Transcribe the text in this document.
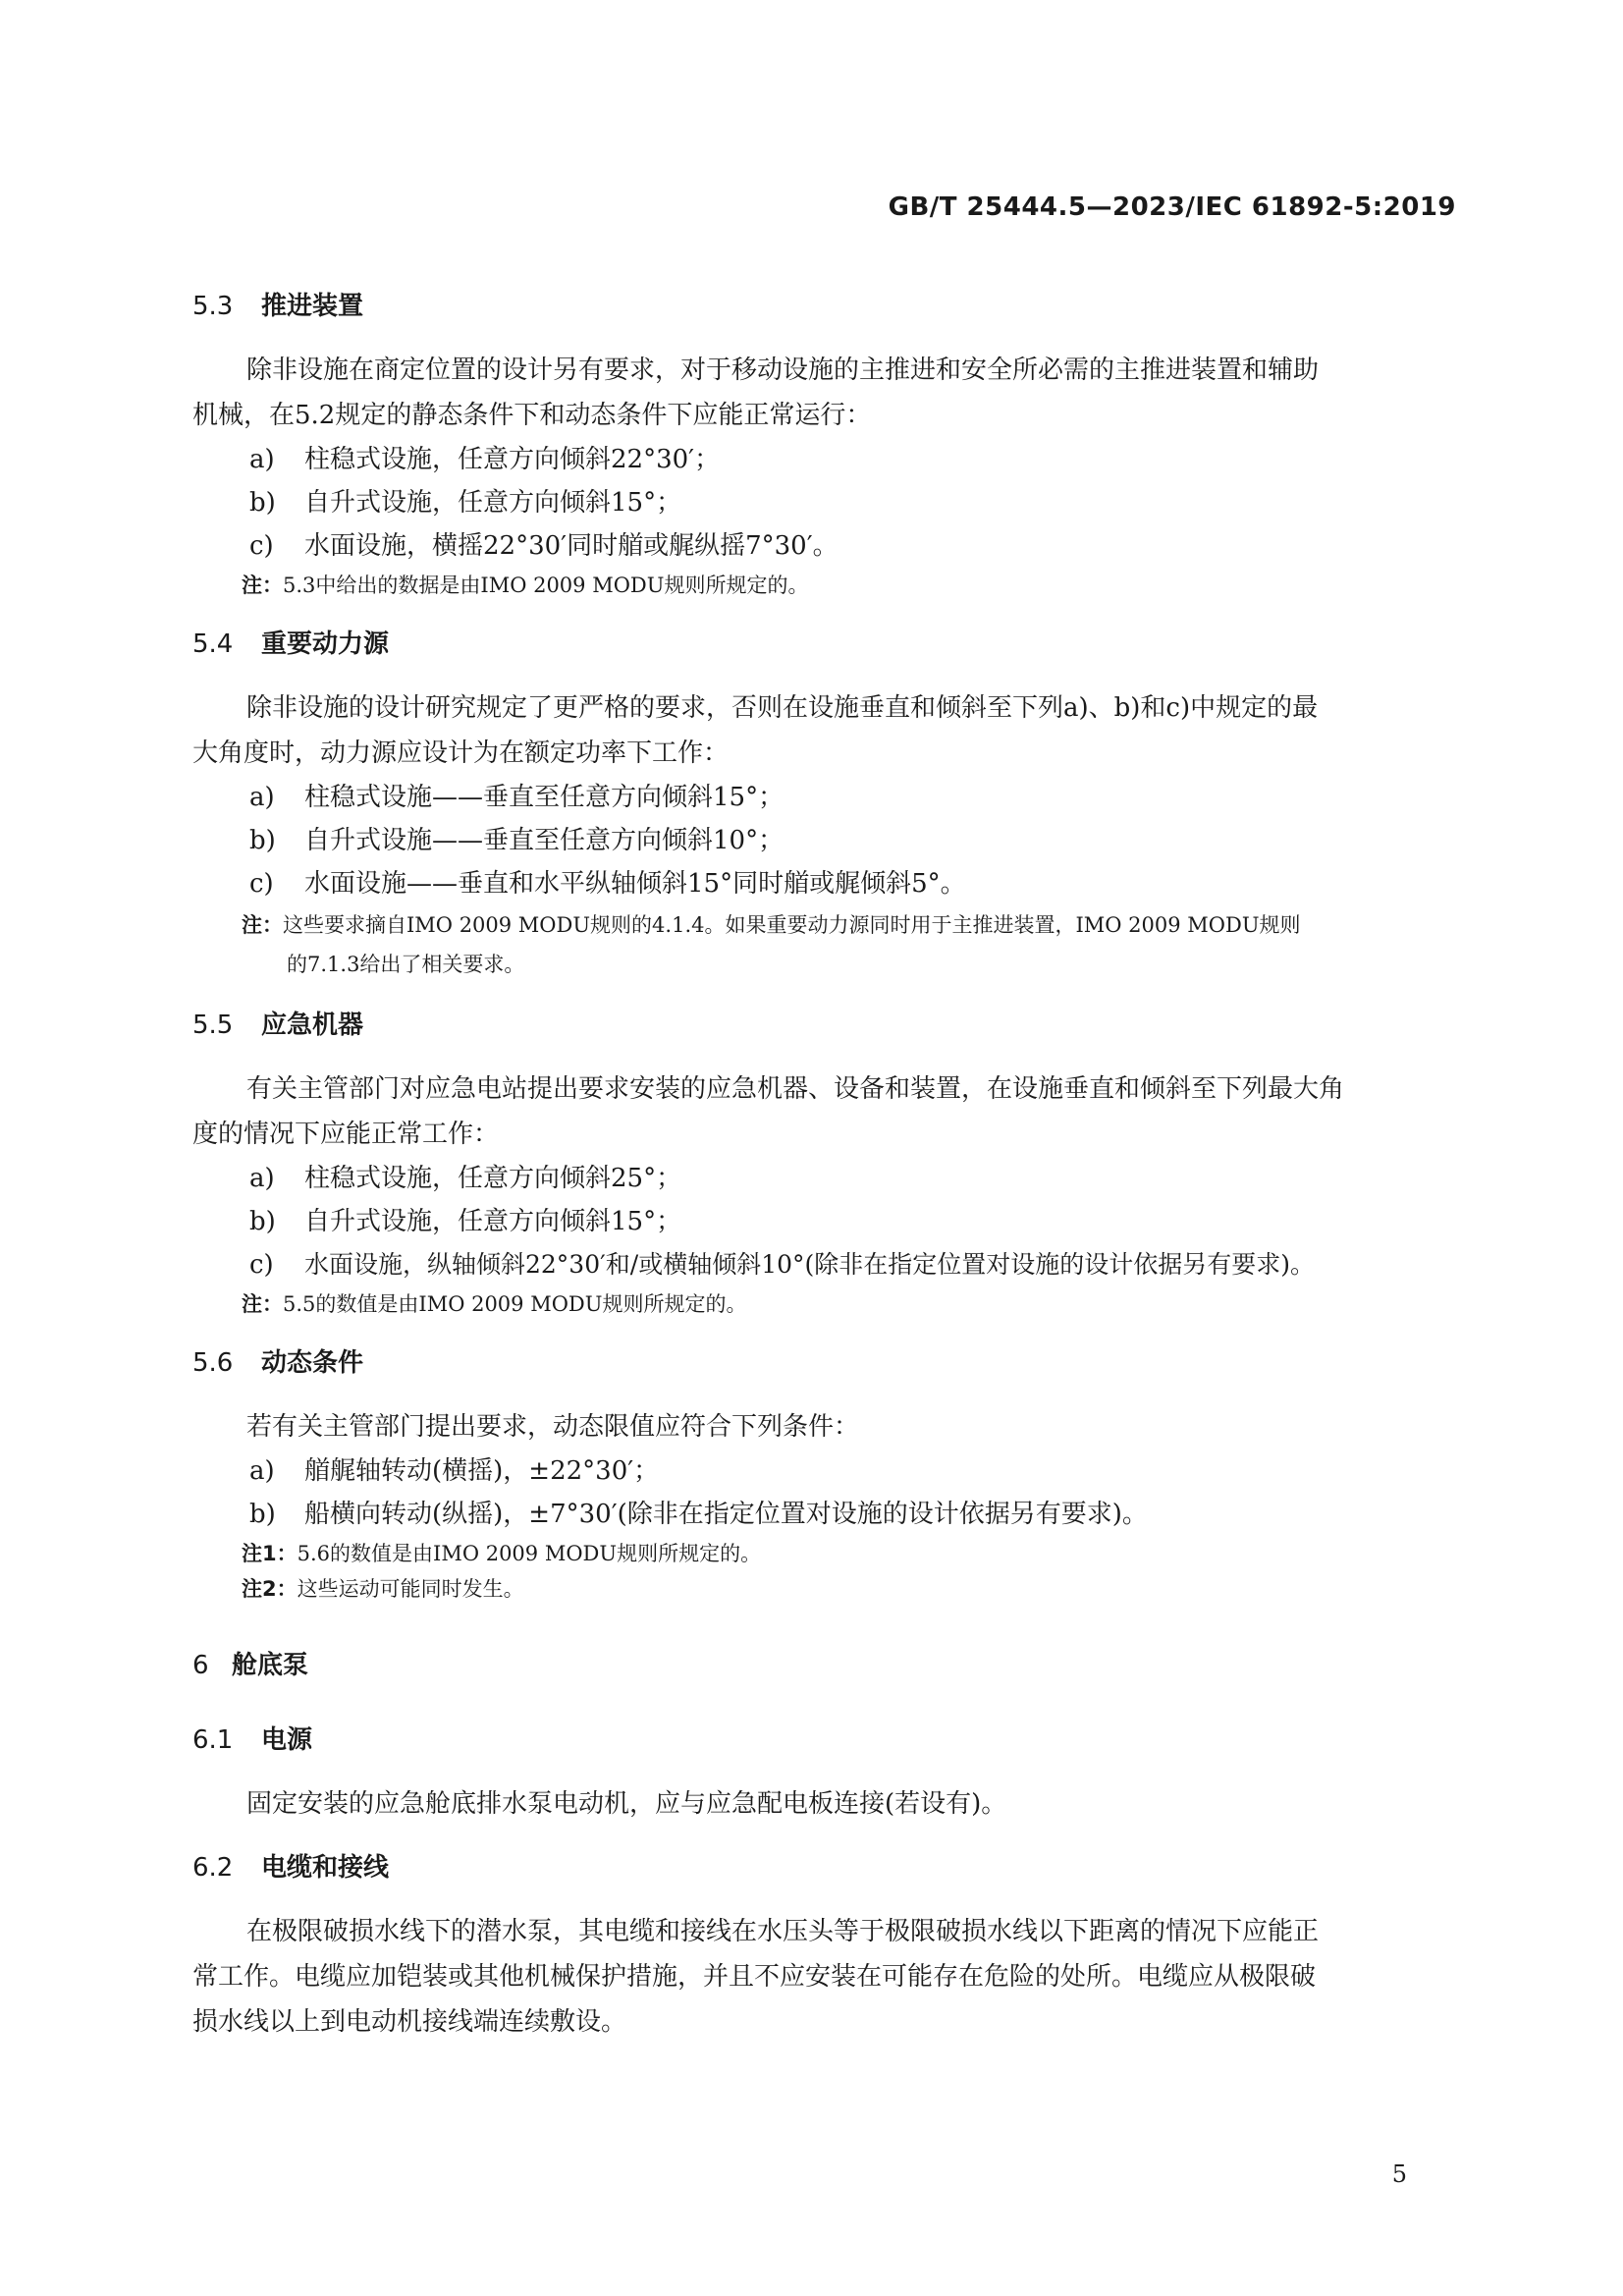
GB/T 25444.5—2023/IEC 61892-5:2019
5.3	推进装置

除非设施在商定位置的设计另有要求，对于移动设施的主推进和安全所必需的主推进装置和辅助

机械，在5.2规定的静态条件下和动态条件下应能正常运行：

a)	柱稳式设施，任意方向倾斜22°30′；
b)	自升式设施，任意方向倾斜15°；
c)	水面设施，横摇22°30′同时艏或艉纵摇7°30′。

注：5.3中给出的数据是由IMO 2009 MODU规则所规定的。

5.4	重要动力源

除非设施的设计研究规定了更严格的要求，否则在设施垂直和倾斜至下列a)、b)和c)中规定的最

大角度时，动力源应设计为在额定功率下工作：

a)	柱稳式设施——垂直至任意方向倾斜15°；
b)	自升式设施——垂直至任意方向倾斜10°；
c)	水面设施——垂直和水平纵轴倾斜15°同时艏或艉倾斜5°。
注：这些要求摘自IMO 2009 MODU规则的4.1.4。如果重要动力源同时用于主推进装置，IMO 2009 MODU规则
的7.1.3给出了相关要求。
5.5	应急机器

有关主管部门对应急电站提出要求安装的应急机器、设备和装置，在设施垂直和倾斜至下列最大角

度的情况下应能正常工作：

a)	柱稳式设施，任意方向倾斜25°；
b)	自升式设施，任意方向倾斜15°；
c)	水面设施，纵轴倾斜22°30′和/或横轴倾斜10°(除非在指定位置对设施的设计依据另有要求)。

注：5.5的数值是由IMO 2009 MODU规则所规定的。

5.6	动态条件

若有关主管部门提出要求，动态限值应符合下列条件：

a)	艏艉轴转动(横摇)，±22°30′；
b)	船横向转动(纵摇)，±7°30′(除非在指定位置对设施的设计依据另有要求)。

注1：5.6的数值是由IMO 2009 MODU规则所规定的。

注2：这些运动可能同时发生。

6 舱底泵
6.1	电源

固定安装的应急舱底排水泵电动机，应与应急配电板连接(若设有)。

6.2	电缆和接线

在极限破损水线下的潜水泵，其电缆和接线在水压头等于极限破损水线以下距离的情况下应能正

常工作。电缆应加铠装或其他机械保护措施，并且不应安装在可能存在危险的处所。电缆应从极限破

损水线以上到电动机接线端连续敷设。

5
